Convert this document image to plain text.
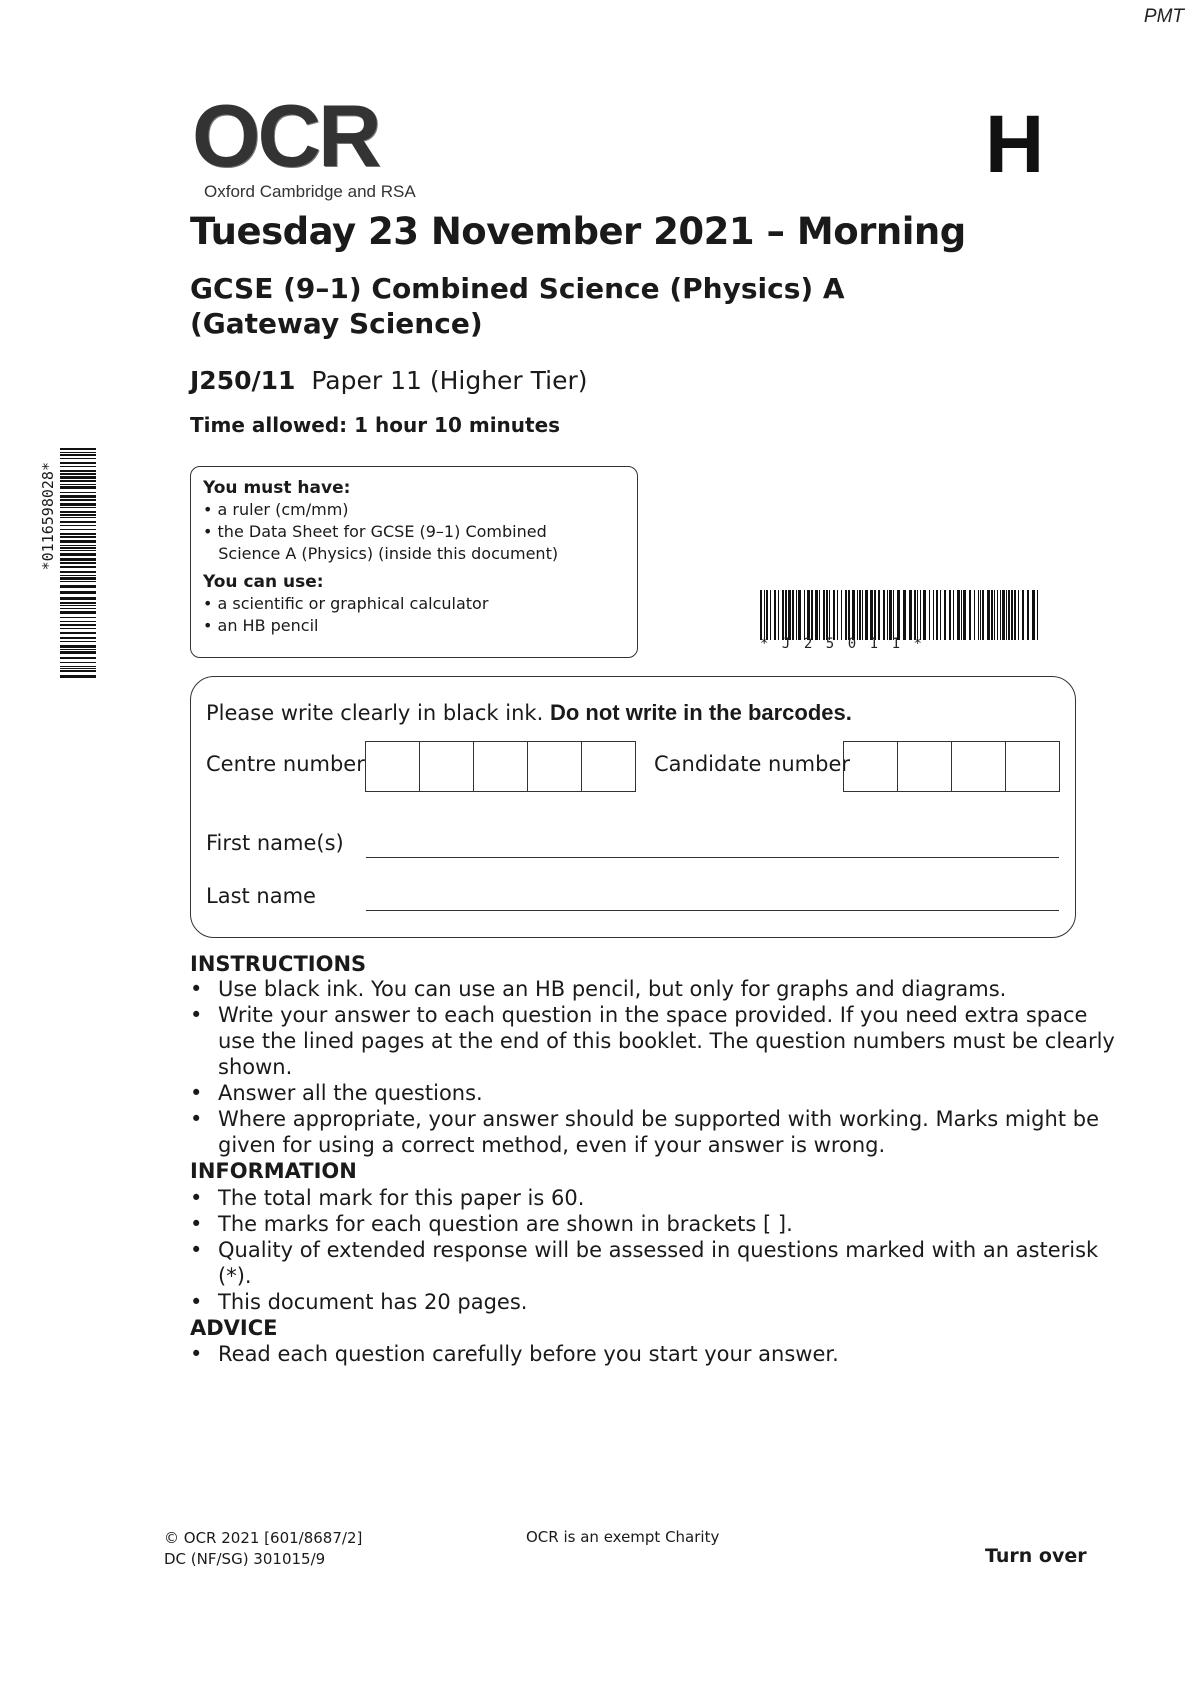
PMT
OCR
Oxford Cambridge and RSA
H
Tuesday 23 November 2021 – Morning
GCSE (9–1) Combined Science (Physics) A
(Gateway Science)
J250/11 Paper 11 (Higher Tier)
Time allowed: 1 hour 10 minutes
You must have:
• a ruler (cm/mm)
• the Data Sheet for GCSE (9–1) Combined
Science A (Physics) (inside this document)
You can use:
• a scientific or graphical calculator
• an HB pencil
*0116598028*
*J25011*
Please write clearly in black ink. Do not write in the barcodes.
Centre number	Candidate number
First name(s)
Last name
INSTRUCTIONS
• Use black ink. You can use an HB pencil, but only for graphs and diagrams.
• Write your answer to each question in the space provided. If you need extra space use the lined pages at the end of this booklet. The question numbers must be clearly shown.
• Answer all the questions.
• Where appropriate, your answer should be supported with working. Marks might be given for using a correct method, even if your answer is wrong.
INFORMATION
• The total mark for this paper is 60.
• The marks for each question are shown in brackets [ ].
• Quality of extended response will be assessed in questions marked with an asterisk (*).
• This document has 20 pages.
ADVICE
• Read each question carefully before you start your answer.
© OCR 2021 [601/8687/2]
DC (NF/SG) 301015/9
OCR is an exempt Charity
Turn over
